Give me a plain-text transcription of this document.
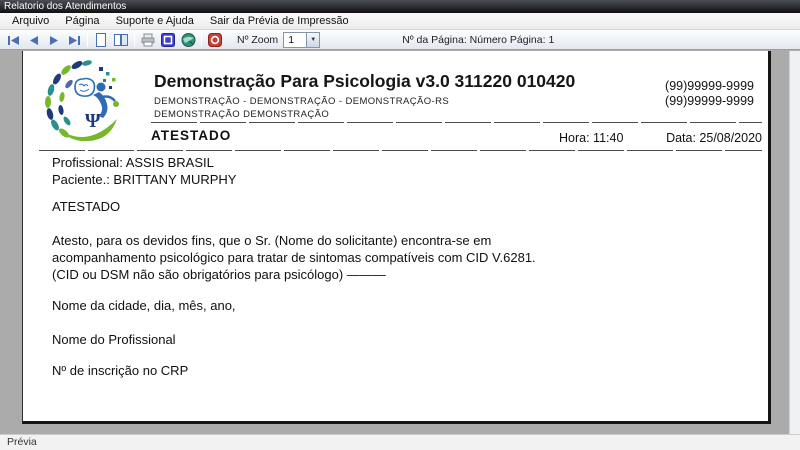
Relatorio dos Atendimentos
Arquivo	Página	Suporte e Ajuda	Sair da Prévia de Impressão
Nº Zoom 1	▼	Nº da Página: Número Página: 1
Ψ
Demonstração Para Psicologia v3.0 311220 010420
DEMONSTRAÇÃO - DEMONSTRAÇÃO - DEMONSTRAÇÃO-RS
DEMONSTRAÇÃO DEMONSTRAÇÃO
(99)99999-9999
(99)99999-9999
ATESTADO	Hora: 11:40	Data: 25/08/2020
Profissional: ASSIS BRASIL
Paciente.: BRITTANY MURPHY
ATESTADO
Atesto, para os devidos fins, que o Sr. (Nome do solicitante) encontra-se em
acompanhamento psicológico para tratar de sintomas compatíveis com CID V.6281.
(CID ou DSM não são obrigatórios para psicólogo) ———
Nome da cidade, dia, mês, ano,
Nome do Profissional
Nº de inscrição no CRP
Prévia
